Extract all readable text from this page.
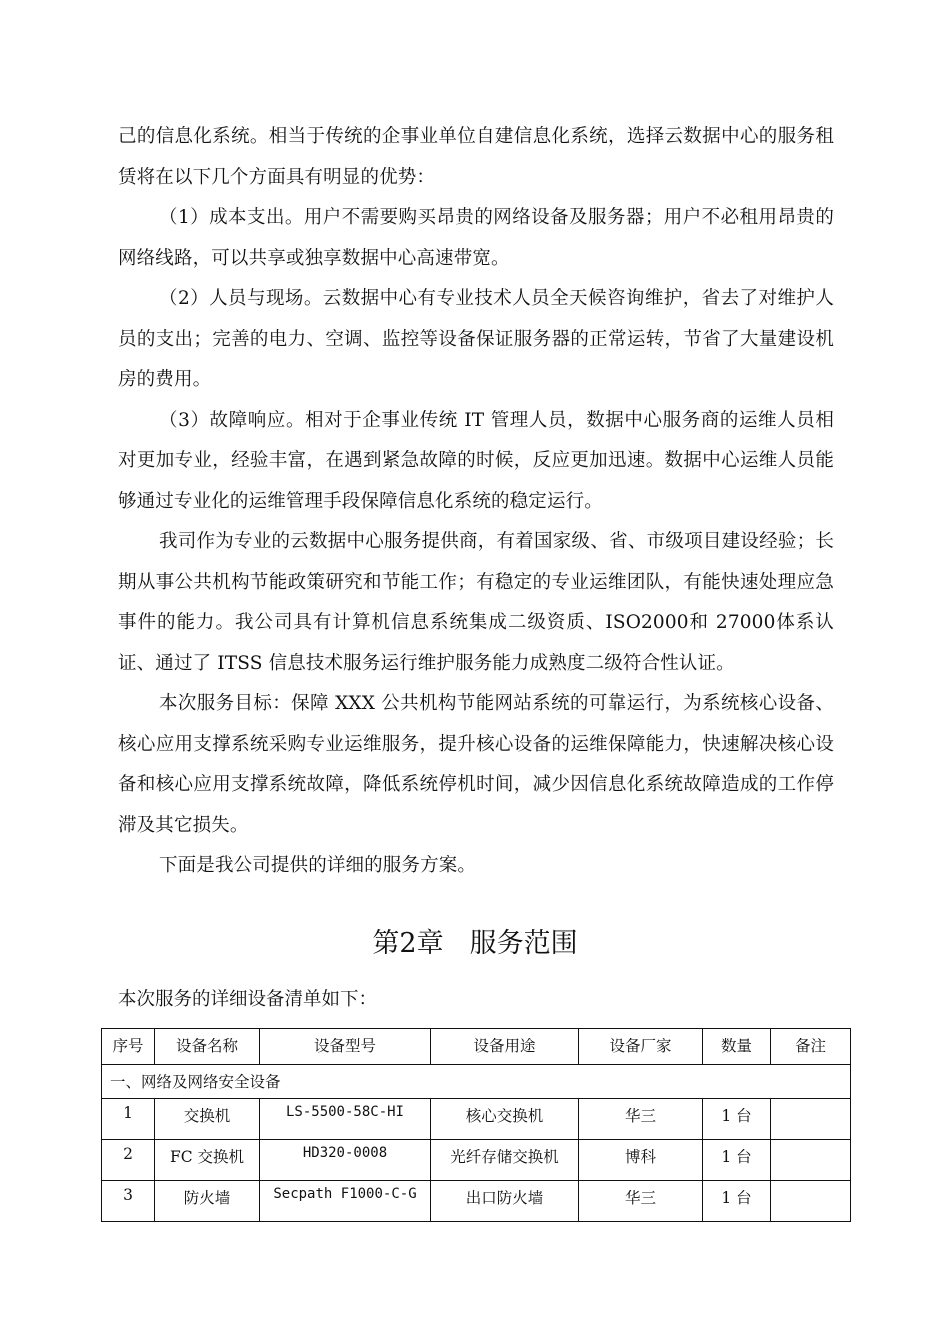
己的信息化系统。相当于传统的企事业单位自建信息化系统，选择云数据中心的服务租赁将在以下几个方面具有明显的优势：

（1）成本支出。用户不需要购买昂贵的网络设备及服务器；用户不必租用昂贵的网络线路，可以共享或独享数据中心高速带宽。

（2）人员与现场。云数据中心有专业技术人员全天候咨询维护，省去了对维护人员的支出；完善的电力、空调、监控等设备保证服务器的正常运转，节省了大量建设机房的费用。

（3）故障响应。相对于企事业传统 IT 管理人员，数据中心服务商的运维人员相对更加专业，经验丰富，在遇到紧急故障的时候，反应更加迅速。数据中心运维人员能够通过专业化的运维管理手段保障信息化系统的稳定运行。

我司作为专业的云数据中心服务提供商，有着国家级、省、市级项目建设经验；长期从事公共机构节能政策研究和节能工作；有稳定的专业运维团队，有能快速处理应急事件的能力。我公司具有计算机信息系统集成二级资质、ISO2000和 27000体系认证、通过了 ITSS 信息技术服务运行维护服务能力成熟度二级符合性认证。

本次服务目标：保障 XXX 公共机构节能网站系统的可靠运行，为系统核心设备、核心应用支撑系统采购专业运维服务，提升核心设备的运维保障能力，快速解决核心设备和核心应用支撑系统故障，降低系统停机时间，减少因信息化系统故障造成的工作停滞及其它损失。

下面是我公司提供的详细的服务方案。

第2章 服务范围
本次服务的详细设备清单如下：
序号	设备名称	设备型号	设备用途	设备厂家	数量	备注
一、网络及网络安全设备						
1	交换机	LS-5500-58C-HI	核心交换机	华三	1 台	
2	FC 交换机	HD320-0008	光纤存储交换机	博科	1 台	
3	防火墙	Secpath F1000-C-G	出口防火墙	华三	1 台	
